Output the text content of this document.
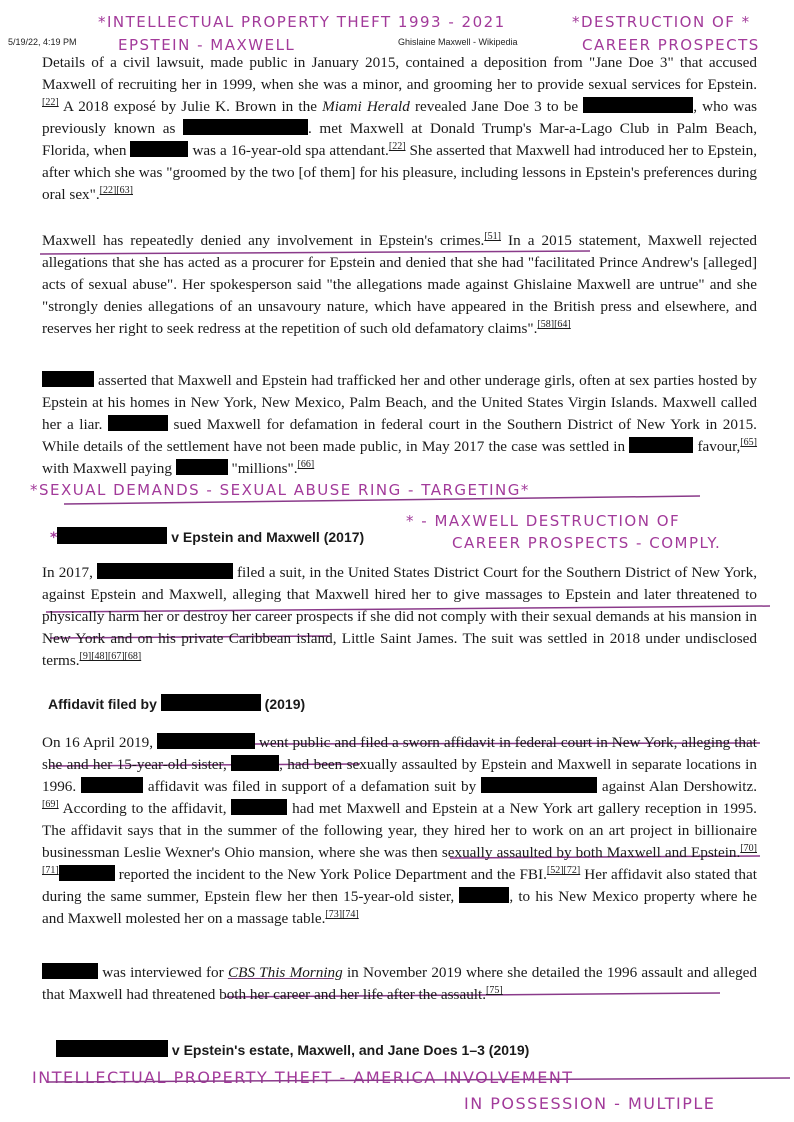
5/19/22, 4:19 PM	Ghislaine Maxwell - Wikipedia
*INTELLECTUAL PROPERTY THEFT 1993 - 2021
EPSTEIN - MAXWELL
*DESTRUCTION OF *
CAREER PROSPECTS
*SEXUAL DEMANDS - SEXUAL ABUSE RING - TARGETING*
* - MAXWELL DESTRUCTION OF
CAREER PROSPECTS - COMPLY.
INTELLECTUAL PROPERTY THEFT - AMERICA INVOLVEMENT
IN POSSESSION - MULTIPLE

Details of a civil lawsuit, made public in January 2015, contained a deposition from "Jane Doe 3" that accused Maxwell of recruiting her in 1999, when she was a minor, and grooming her to provide sexual services for Epstein.[22] A 2018 exposé by Julie K. Brown in the Miami Herald revealed Jane Doe 3 to be	, who was previously known as	. met Maxwell at Donald Trump's Mar-a-Lago Club in Palm Beach, Florida, when	was a 16-year-old spa attendant.[22] She asserted that Maxwell had introduced her to Epstein, after which she was "groomed by the two [of them] for his pleasure, including lessons in Epstein's preferences during oral sex".[22][63]

Maxwell has repeatedly denied any involvement in Epstein's crimes.[51] In a 2015 statement, Maxwell rejected allegations that she has acted as a procurer for Epstein and denied that she had "facilitated Prince Andrew's [alleged] acts of sexual abuse". Her spokesperson said "the allegations made against Ghislaine Maxwell are untrue" and she "strongly denies allegations of an unsavoury nature, which have appeared in the British press and elsewhere, and reserves her right to seek redress at the repetition of such old defamatory claims".[58][64]

asserted that Maxwell and Epstein had trafficked her and other underage girls, often at sex parties hosted by Epstein at his homes in New York, New Mexico, Palm Beach, and the United States Virgin Islands. Maxwell called her a liar.	sued Maxwell for defamation in federal court in the Southern District of New York in 2015. While details of the settlement have not been made public, in May 2017 the case was settled in	favour,[65] with Maxwell paying	"millions".[66]

*	v Epstein and Maxwell (2017)

In 2017,	filed a suit, in the United States District Court for the Southern District of New York, against Epstein and Maxwell, alleging that Maxwell hired her to give massages to Epstein and later threatened to physically harm her or destroy her career prospects if she did not comply with their sexual demands at his mansion in New York and on his private Caribbean island, Little Saint James. The suit was settled in 2018 under undisclosed terms.[9][48][67][68]

Affidavit filed by	(2019)

On 16 April 2019,	went public and filed a sworn affidavit in federal court in New York, alleging that she and her 15-year-old sister,	, had been sexually assaulted by Epstein and Maxwell in separate locations in 1996.	affidavit was filed in support of a defamation suit by	against Alan Dershowitz.[69] According to the affidavit,	had met Maxwell and Epstein at a New York art gallery reception in 1995. The affidavit says that in the summer of the following year, they hired her to work on an art project in billionaire businessman Leslie Wexner's Ohio mansion, where she was then sexually assaulted by both Maxwell and Epstein.[70][71]	reported the incident to the New York Police Department and the FBI.[52][72] Her affidavit also stated that during the same summer, Epstein flew her then 15-year-old sister,	, to his New Mexico property where he and Maxwell molested her on a massage table.[73][74]

was interviewed for CBS This Morning in November 2019 where she detailed the 1996 assault and alleged that Maxwell had threatened both her career and her life after the assault.[75]

v Epstein's estate, Maxwell, and Jane Does 1–3 (2019)
